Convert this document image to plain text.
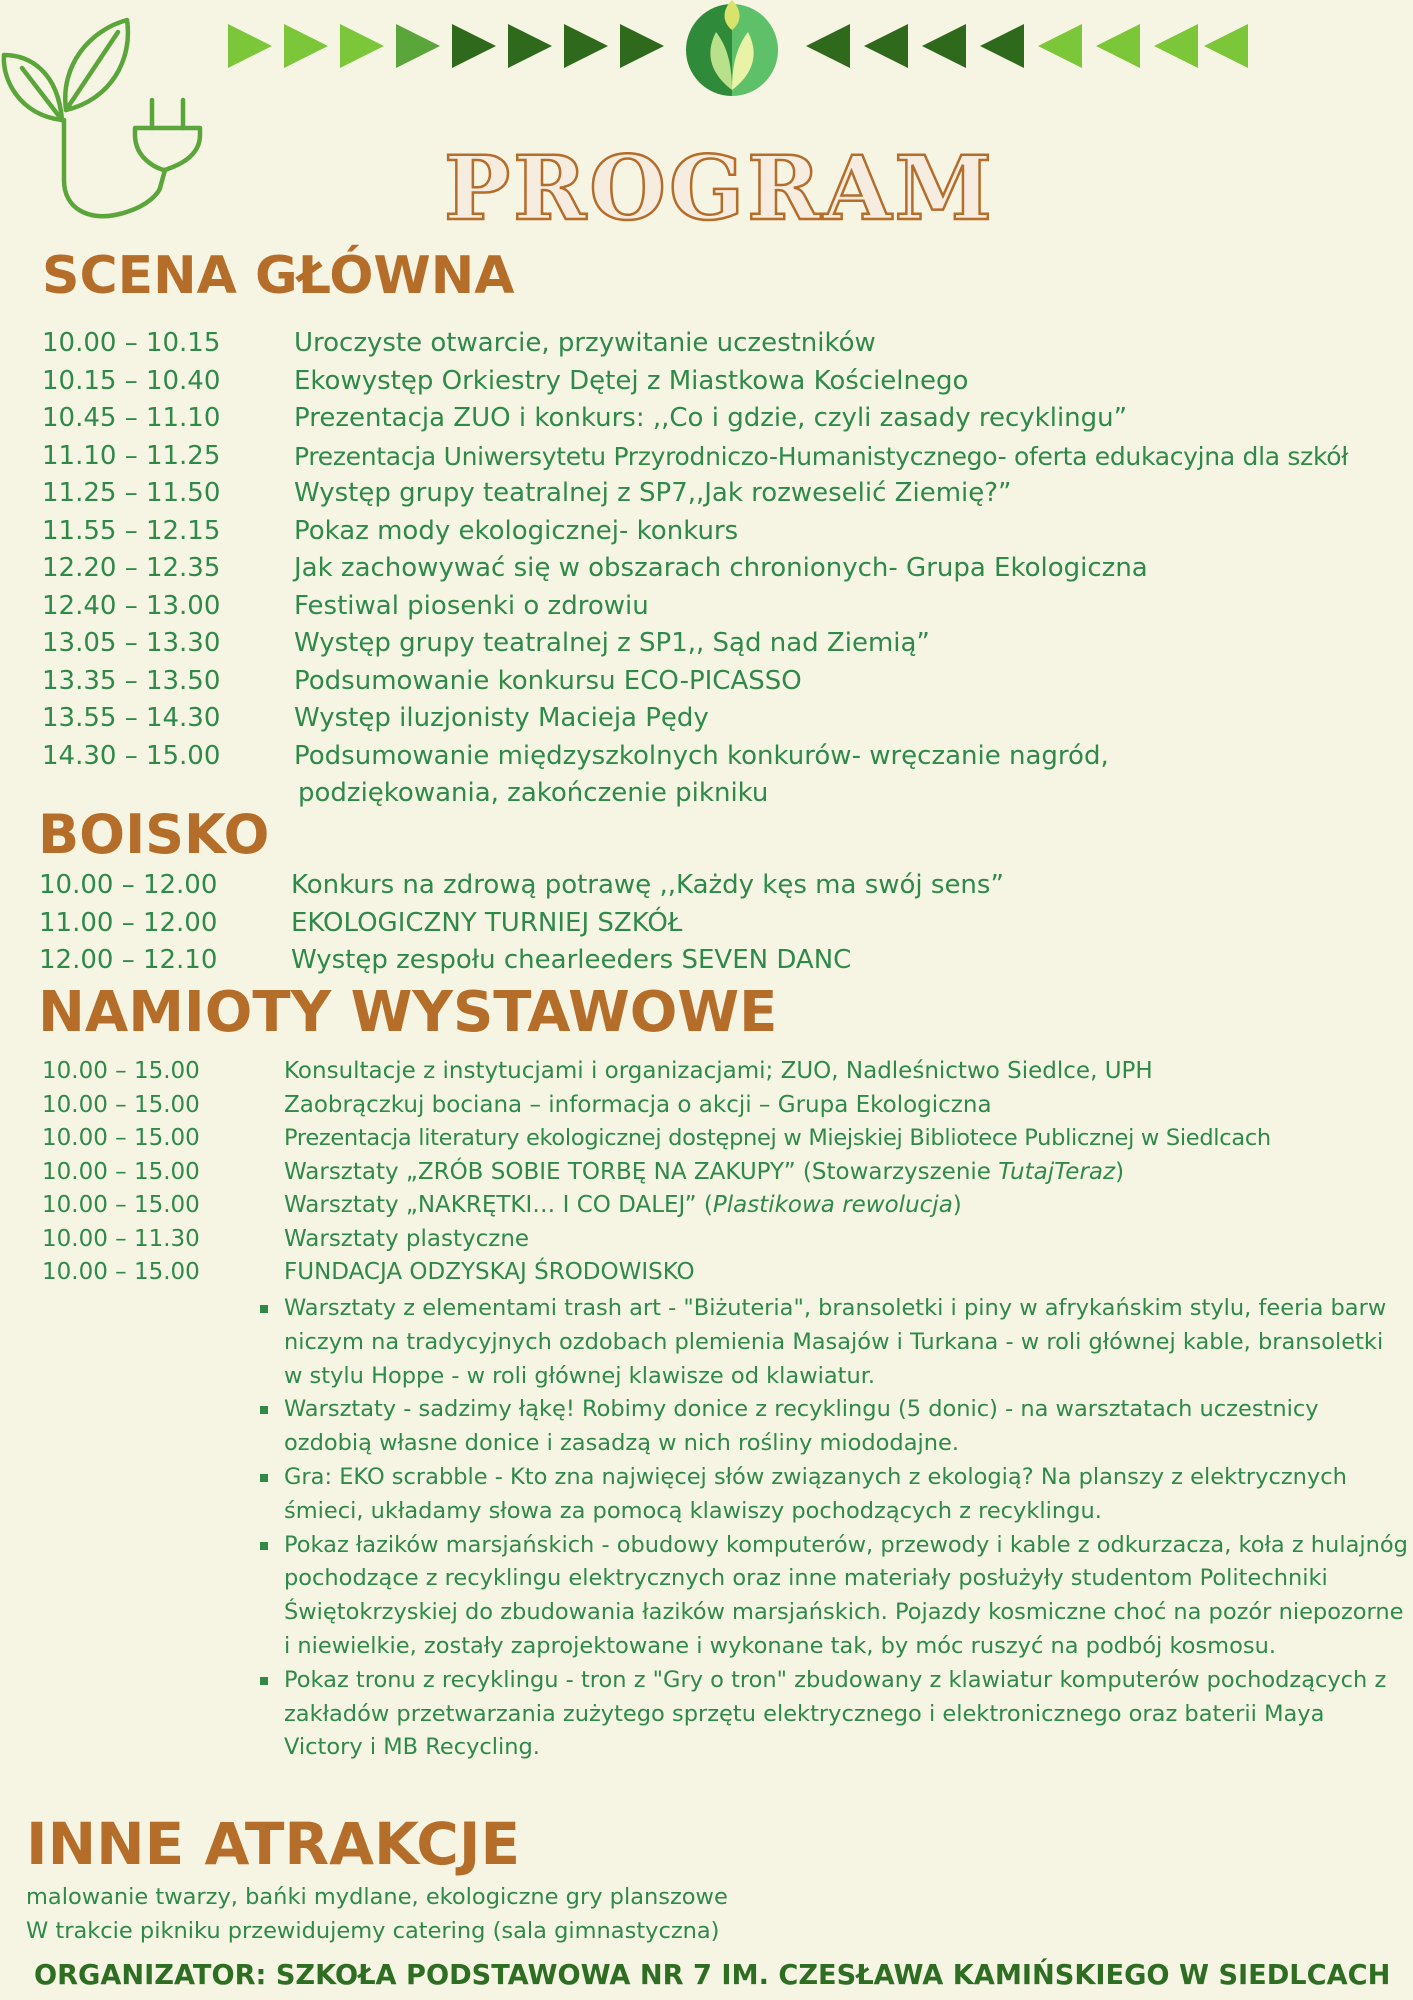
PROGRAM
SCENA GŁÓWNA
10.00 – 10.15	Uroczyste otwarcie, przywitanie uczestników
10.15 – 10.40	Ekowystęp Orkiestry Dętej z Miastkowa Kościelnego
10.45 – 11.10	Prezentacja ZUO i konkurs: ,,Co i gdzie, czyli zasady recyklingu”
11.10 – 11.25	Prezentacja Uniwersytetu Przyrodniczo-Humanistycznego- oferta edukacyjna dla szkół
11.25 – 11.50	Występ grupy teatralnej z SP7,,Jak rozweselić Ziemię?”
11.55 – 12.15	Pokaz mody ekologicznej- konkurs
12.20 – 12.35	Jak zachowywać się w obszarach chronionych- Grupa Ekologiczna
12.40 – 13.00	Festiwal piosenki o zdrowiu
13.05 – 13.30	Występ grupy teatralnej z SP1,, Sąd nad Ziemią”
13.35 – 13.50	Podsumowanie konkursu ECO-PICASSO
13.55 – 14.30	Występ iluzjonisty Macieja Pędy
14.30 – 15.00	Podsumowanie międzyszkolnych konkurów- wręczanie nagród,
podziękowania, zakończenie pikniku
BOISKO
10.00 – 12.00	Konkurs na zdrową potrawę ,,Każdy kęs ma swój sens”
11.00 – 12.00	EKOLOGICZNY TURNIEJ SZKÓŁ
12.00 – 12.10	Występ zespołu chearleeders SEVEN DANC
NAMIOTY WYSTAWOWE
10.00 – 15.00	Konsultacje z instytucjami i organizacjami; ZUO, Nadleśnictwo Siedlce, UPH
10.00 – 15.00	Zaobrączkuj bociana – informacja o akcji – Grupa Ekologiczna
10.00 – 15.00	Prezentacja literatury ekologicznej dostępnej w Miejskiej Bibliotece Publicznej w Siedlcach
10.00 – 15.00	Warsztaty „ZRÓB SOBIE TORBĘ NA ZAKUPY” (Stowarzyszenie TutajTeraz)
10.00 – 15.00	Warsztaty „NAKRĘTKI… I CO DALEJ” (Plastikowa rewolucja)
10.00 – 11.30	Warsztaty plastyczne
10.00 – 15.00	FUNDACJA ODZYSKAJ ŚRODOWISKO
Warsztaty z elementami trash art - "Biżuteria", bransoletki i piny w afrykańskim stylu, feeria barw niczym na tradycyjnych ozdobach plemienia Masajów i Turkana - w roli głównej kable, bransoletki w stylu Hoppe - w roli głównej klawisze od klawiatur.
Warsztaty - sadzimy łąkę! Robimy donice z recyklingu (5 donic) - na warsztatach uczestnicy ozdobią własne donice i zasadzą w nich rośliny miododajne.
Gra: EKO scrabble - Kto zna najwięcej słów związanych z ekologią? Na planszy z elektrycznych śmieci, układamy słowa za pomocą klawiszy pochodzących z recyklingu.
Pokaz łazików marsjańskich - obudowy komputerów, przewody i kable z odkurzacza, koła z hulajnóg pochodzące z recyklingu elektrycznych oraz inne materiały posłużyły studentom Politechniki Świętokrzyskiej do zbudowania łazików marsjańskich. Pojazdy kosmiczne choć na pozór niepozorne i niewielkie, zostały zaprojektowane i wykonane tak, by móc ruszyć na podbój kosmosu.
Pokaz tronu z recyklingu - tron z "Gry o tron" zbudowany z klawiatur komputerów pochodzących z zakładów przetwarzania zużytego sprzętu elektrycznego i elektronicznego oraz baterii Maya Victory i MB Recycling.
INNE ATRAKCJE
malowanie twarzy, bańki mydlane, ekologiczne gry planszowe
W trakcie pikniku przewidujemy catering (sala gimnastyczna)
ORGANIZATOR: SZKOŁA PODSTAWOWA NR 7 IM. CZESŁAWA KAMIŃSKIEGO W SIEDLCACH
